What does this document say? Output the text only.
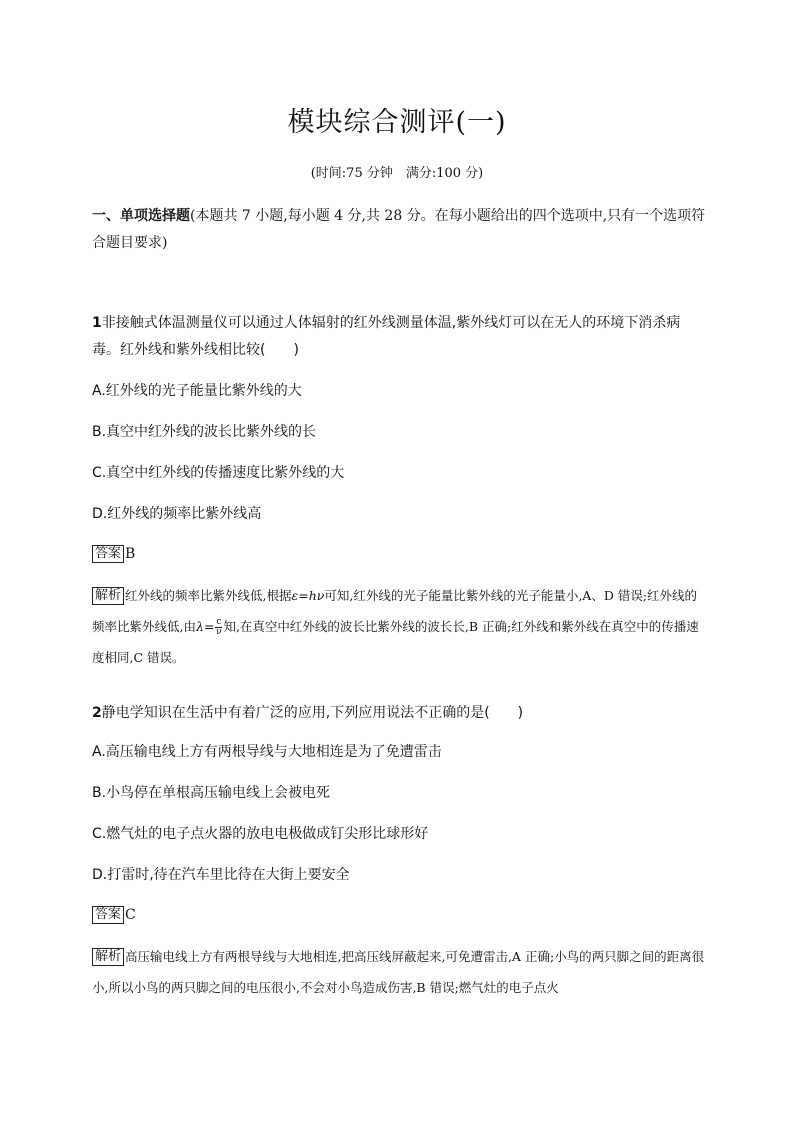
模块综合测评(一)
(时间:75 分钟　满分:100 分)
一、单项选择题(本题共 7 小题,每小题 4 分,共 28 分。在每小题给出的四个选项中,只有一个选项符合题目要求)
1非接触式体温测量仪可以通过人体辐射的红外线测量体温,紫外线灯可以在无人的环境下消杀病毒。红外线和紫外线相比较(　　)
A.红外线的光子能量比紫外线的大
B.真空中红外线的波长比紫外线的长
C.真空中红外线的传播速度比紫外线的大
D.红外线的频率比紫外线高
答案 B
解析 红外线的频率比紫外线低,根据ε=hν可知,红外线的光子能量比紫外线的光子能量小,A、D 错误;红外线的频率比紫外线低,由$\lambda= \frac{c}{\nu}$ 知,在真空中红外线的波长比紫外线的波长长,B 正确;红外线和紫外线在真空中的传播速度相同,C 错误。
2静电学知识在生活中有着广泛的应用,下列应用说法不正确的是(　　)
A.高压输电线上方有两根导线与大地相连是为了免遭雷击
B.小鸟停在单根高压输电线上会被电死
C.燃气灶的电子点火器的放电电极做成钉尖形比球形好
D.打雷时,待在汽车里比待在大街上要安全
答案 C
解析 高压输电线上方有两根导线与大地相连,把高压线屏蔽起来,可免遭雷击,A 正确;小鸟的两只脚之间的距离很小,所以小鸟的两只脚之间的电压很小,不会对小鸟造成伤害,B 错误;燃气灶的电子点火
